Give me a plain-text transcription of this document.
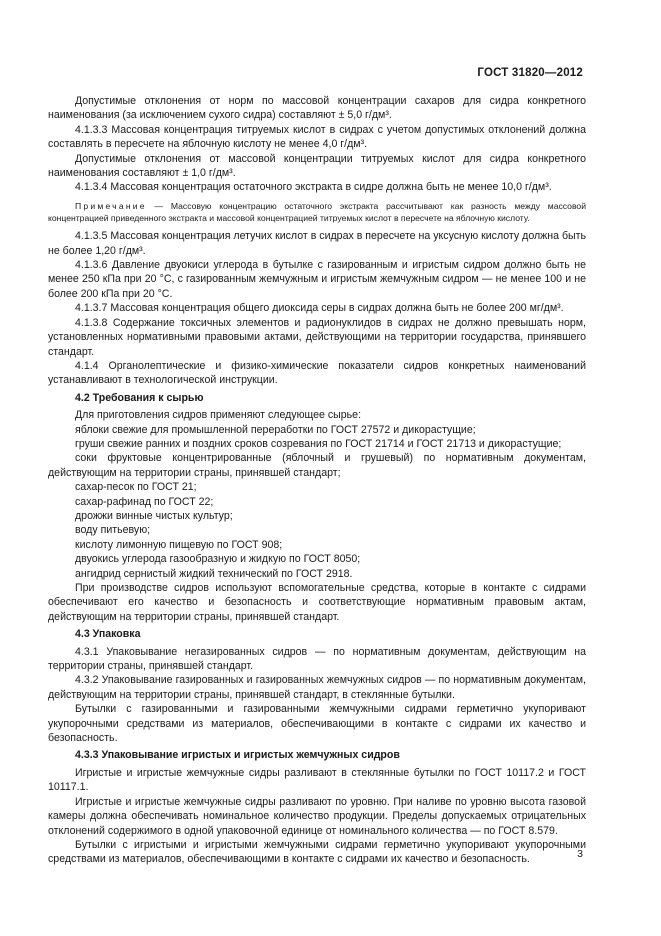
ГОСТ 31820—2012

Допустимые отклонения от норм по массовой концентрации сахаров для сидра конкретного наименования (за исключением сухого сидра) составляют ± 5,0 г/дм³.

4.1.3.3 Массовая концентрация титруемых кислот в сидрах с учетом допустимых отклонений должна составлять в пересчете на яблочную кислоту не менее 4,0 г/дм³.

Допустимые отклонения от массовой концентрации титруемых кислот для сидра конкретного наименования составляют ± 1,0 г/дм³.

4.1.3.4 Массовая концентрация остаточного экстракта в сидре должна быть не менее 10,0 г/дм³.

Примечание — Массовую концентрацию остаточного экстракта рассчитывают как разность между массовой концентрацией приведенного экстракта и массовой концентрацией титруемых кислот в пересчете на яблочную кислоту.

4.1.3.5 Массовая концентрация летучих кислот в сидрах в пересчете на уксусную кислоту должна быть не более 1,20 г/дм³.

4.1.3.6 Давление двуокиси углерода в бутылке с газированным и игристым сидром должно быть не менее 250 кПа при 20 °С, с газированным жемчужным и игристым жемчужным сидром — не менее 100 и не более 200 кПа при 20 °С.

4.1.3.7 Массовая концентрация общего диоксида серы в сидрах должна быть не более 200 мг/дм³.

4.1.3.8 Содержание токсичных элементов и радионуклидов в сидрах не должно превышать норм, установленных нормативными правовыми актами, действующими на территории государства, принявшего стандарт.

4.1.4 Органолептические и физико-химические показатели сидров конкретных наименований устанавливают в технологической инструкции.

4.2 Требования к сырью

Для приготовления сидров применяют следующее сырье:

яблоки свежие для промышленной переработки по ГОСТ 27572 и дикорастущие;

груши свежие ранних и поздних сроков созревания по ГОСТ 21714 и ГОСТ 21713 и дикорастущие;

соки фруктовые концентрированные (яблочный и грушевый) по нормативным документам, действующим на территории страны, принявшей стандарт;

сахар-песок по ГОСТ 21;

сахар-рафинад по ГОСТ 22;

дрожжи винные чистых культур;

воду питьевую;

кислоту лимонную пищевую по ГОСТ 908;

двуокись углерода газообразную и жидкую по ГОСТ 8050;

ангидрид сернистый жидкий технический по ГОСТ 2918.

При производстве сидров используют вспомогательные средства, которые в контакте с сидрами обеспечивают его качество и безопасность и соответствующие нормативным правовым актам, действующим на территории страны, принявшей стандарт.

4.3 Упаковка

4.3.1 Упаковывание негазированных сидров — по нормативным документам, действующим на территории страны, принявшей стандарт.

4.3.2 Упаковывание газированных и газированных жемчужных сидров — по нормативным документам, действующим на территории страны, принявшей стандарт, в стеклянные бутылки.

Бутылки с газированными и газированными жемчужными сидрами герметично укупоривают укупорочными средствами из материалов, обеспечивающими в контакте с сидрами их качество и безопасность.

4.3.3 Упаковывание игристых и игристых жемчужных сидров

Игристые и игристые жемчужные сидры разливают в стеклянные бутылки по ГОСТ 10117.2 и ГОСТ 10117.1.

Игристые и игристые жемчужные сидры разливают по уровню. При наливе по уровню высота газовой камеры должна обеспечивать номинальное количество продукции. Пределы допускаемых отрицательных отклонений содержимого в одной упаковочной единице от номинального количества — по ГОСТ 8.579.

Бутылки с игристыми и игристыми жемчужными сидрами герметично укупоривают укупорочными средствами из материалов, обеспечивающими в контакте с сидрами их качество и безопасность.	3
